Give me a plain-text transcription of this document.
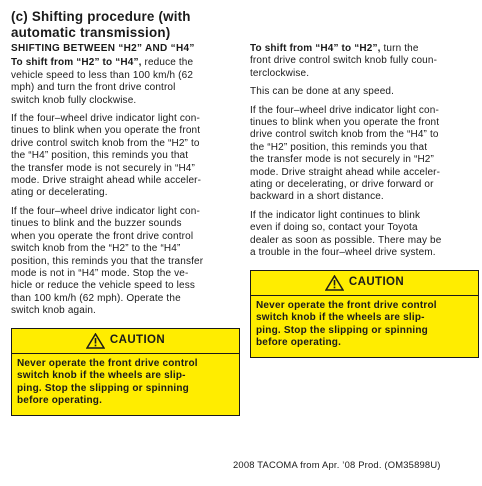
(c) Shifting procedure (with
automatic transmission)
SHIFTING BETWEEN “H2” AND “H4”

To shift from “H2” to “H4”, reduce the
vehicle speed to less than 100 km/h (62
mph) and turn the front drive control
switch knob fully clockwise.

If the four–wheel drive indicator light con-
tinues to blink when you operate the front
drive control switch knob from the “H2” to
the “H4” position, this reminds you that
the transfer mode is not securely in “H4”
mode. Drive straight ahead while acceler-
ating or decelerating.

If the four–wheel drive indicator light con-
tinues to blink and the buzzer sounds
when you operate the front drive control
switch knob from the “H2” to the “H4”
position, this reminds you that the transfer
mode is not in “H4” mode. Stop the ve-
hicle or reduce the vehicle speed to less
than 100 km/h (62 mph). Operate the
switch knob again.

CAUTION
Never operate the front drive control
switch knob if the wheels are slip-
ping. Stop the slipping or spinning
before operating.

To shift from “H4” to “H2”, turn the
front drive control switch knob fully coun-
terclockwise.

This can be done at any speed.

If the four–wheel drive indicator light con-
tinues to blink when you operate the front
drive control switch knob from the “H4” to
the “H2” position, this reminds you that
the transfer mode is not securely in “H2”
mode. Drive straight ahead while acceler-
ating or decelerating, or drive forward or
backward in a short distance.

If the indicator light continues to blink
even if doing so, contact your Toyota
dealer as soon as possible. There may be
a trouble in the four–wheel drive system.

CAUTION
Never operate the front drive control
switch knob if the wheels are slip-
ping. Stop the slipping or spinning
before operating.
2008 TACOMA from Apr. ’08 Prod. (OM35898U)
